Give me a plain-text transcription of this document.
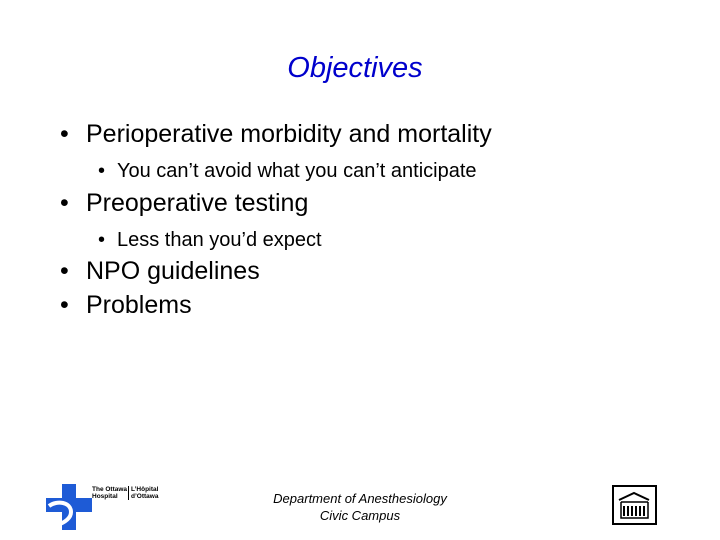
Objectives
• Perioperative morbidity and mortality
• You can’t avoid what you can’t anticipate
• Preoperative testing
• Less than you’d expect
• NPO guidelines
• Problems
The Ottawa HospitalL’Hôpital d’Ottawa	Department of Anesthesiology
Civic Campus
